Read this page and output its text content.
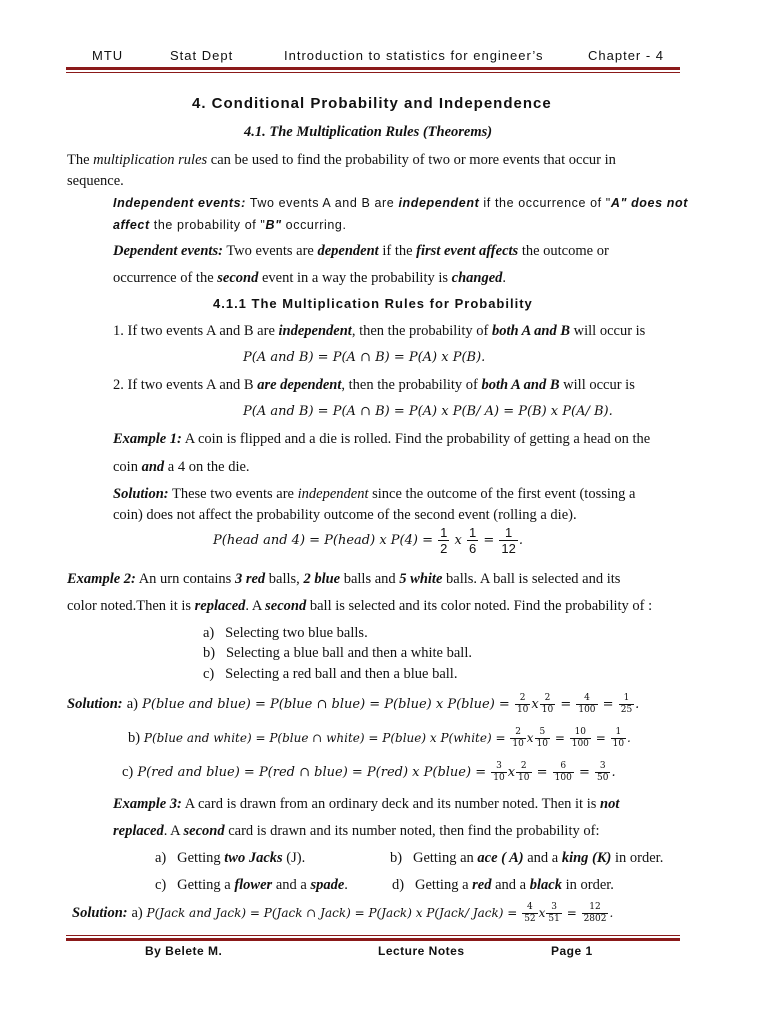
MTU	Stat Dept	Introduction to statistics for engineer’s	Chapter - 4
4. Conditional Probability and Independence
4.1. The Multiplication Rules (Theorems)
The multiplication rules can be used to find the probability of two or more events that occur in
sequence.
Independent events: Two events A and B are independent if the occurrence of "A" does not
affect the probability of "B" occurring.
Dependent events: Two events are dependent if the first event affects the outcome or
occurrence of the second event in a way the probability is changed.
4.1.1 The Multiplication Rules for Probability
1. If two events A and B are independent, then the probability of both A and B will occur is
P(A and B) = P(A ∩ B) = P(A) x P(B).
2. If two events A and B are dependent, then the probability of both A and B will occur is
P(A and B) = P(A ∩ B) = P(A) x P(B/ A) = P(B) x P(A/ B).
Example 1: A coin is flipped and a die is rolled. Find the probability of getting a head on the
coin and a 4 on the die.
Solution: These two events are independent since the outcome of the first event (tossing a
coin) does not affect the probability outcome of the second event (rolling a die).
P(head and 4) = P(head) x $P(4) = \frac{1}{2}$ x $\frac{1}{6} = \frac{1}{12}$ .
Example 2: An urn contains 3 red balls, 2 blue balls and 5 white balls. A ball is selected and its
color noted.Then it is replaced. A second ball is selected and its color noted. Find the probability of :
a) Selecting two blue balls.
b) Selecting a blue ball and then a white ball.
c) Selecting a red ball and then a blue ball.
Solution: a) P(blue and blue) = P(blue ∩ blue) = P(blue) x P(blue) = $\frac{2}{10}$ x $\frac{2}{10} = \frac{4}{100} = \frac{1}{25}$ .
b) P(blue and white) = P(blue ∩ white) = P(blue) x P(white) = $\frac{2}{10}$ x $\frac{5}{10} = \frac{10}{100} = \frac{1}{10}$ .
c) P(red and blue) = P(red ∩ blue) = P(red) x P(blue) = $\frac{3}{10}$ x $\frac{2}{10} = \frac{6}{100} = \frac{3}{50}$ .
Example 3: A card is drawn from an ordinary deck and its number noted. Then it is not
replaced. A second card is drawn and its number noted, then find the probability of:
a) Getting two Jacks (J).	b) Getting an ace ( A) and a king (K) in order.
c) Getting a flower and a spade.	d) Getting a red and a black in order.
Solution: a) P(Jack and Jack) = P(Jack ∩ Jack) = P(Jack) x P(Jack/ Jack) = $\frac{4}{52}$ x $\frac{3}{51} = \frac{12}{2802}$ .
By Belete M.	Lecture Notes	Page 1
